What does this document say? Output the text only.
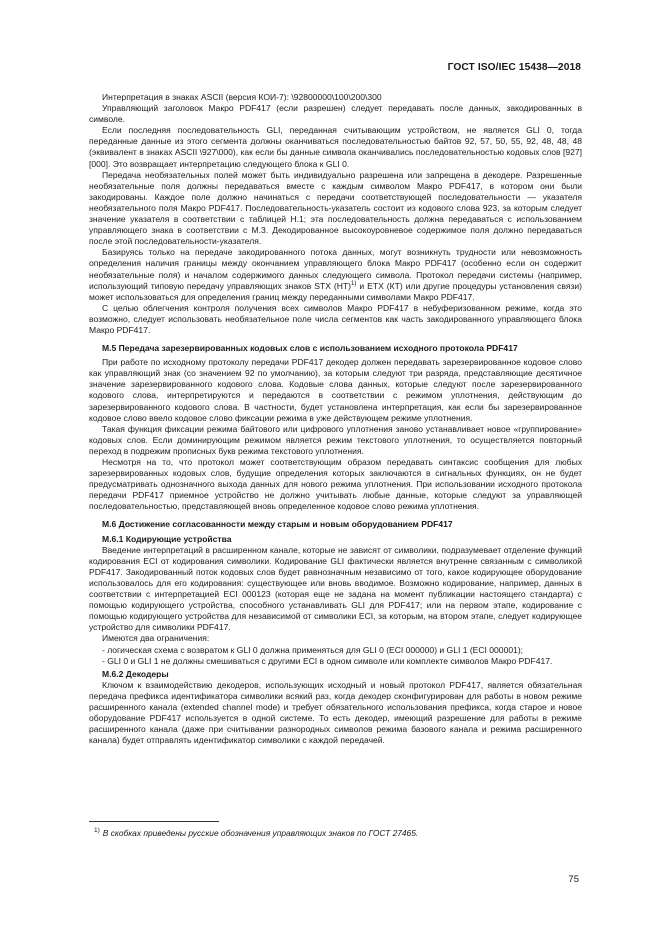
ГОСТ ISO/IEC 15438—2018

Интерпретация в знаках ASCII (версия КОИ-7): \92800000\100\200\300

Управляющий заголовок Макро PDF417 (если разрешен) следует передавать после данных, закодированных в символе.

Если последняя последовательность GLI, переданная считывающим устройством, не является GLI 0, тогда переданные данные из этого сегмента должны оканчиваться последовательностью байтов 92, 57, 50, 55, 92, 48, 48, 48 (эквивалент в знаках ASCII \927\000), как если бы данные символа оканчивались последовательностью кодовых слов [927][000]. Это возвращает интерпретацию следующего блока к GLI 0.

Передача необязательных полей может быть индивидуально разрешена или запрещена в декодере. Разрешенные необязательные поля должны передаваться вместе с каждым символом Макро PDF417, в котором они были закодированы. Каждое поле должно начинаться с передачи соответствующей последовательности — указателя необязательного поля Макро PDF417. Последовательность-указатель состоит из кодового слова 923, за которым следует значение указателя в соответствии с таблицей H.1; эта последовательность должна передаваться с использованием управляющего знака в соответствии с M.3. Декодированное высокоуровневое содержимое поля должно передаваться после этой последовательности-указателя.

Базируясь только на передаче закодированного потока данных, могут возникнуть трудности или невозможность определения наличия границы между окончанием управляющего блока Макро PDF417 (особенно если он содержит необязательные поля) и началом содержимого данных следующего символа. Протокол передачи системы (например, использующий типовую передачу управляющих знаков STX (НТ)$^{1)}$ и ETX (КТ) или другие процедуры установления связи) может использоваться для определения границ между переданными символами Макро PDF417.

С целью облегчения контроля получения всех символов Макро PDF417 в небуферизованном режиме, когда это возможно, следует использовать необязательное поле числа сегментов как часть закодированного управляющего блока Макро PDF417.

М.5 Передача зарезервированных кодовых слов с использованием исходного протокола PDF417

При работе по исходному протоколу передачи PDF417 декодер должен передавать зарезервированное кодовое слово как управляющий знак (со значением 92 по умолчанию), за которым следуют три разряда, представляющие десятичное значение зарезервированного кодового слова. Кодовые слова данных, которые следуют после зарезервированного кодового слова, интерпретируются и передаются в соответствии с режимом уплотнения, действующим до зарезервированного кодового слова. В частности, будет установлена интерпретация, как если бы зарезервированное кодовое слово ввело кодовое слово фиксации режима в уже действующем режиме уплотнения.

Такая функция фиксации режима байтового или цифрового уплотнения заново устанавливает новое «группирование» кодовых слов. Если доминирующим режимом является режим текстового уплотнения, то осуществляется повторный переход в подрежим прописных букв режима текстового уплотнения.

Несмотря на то, что протокол может соответствующим образом передавать синтаксис сообщения для любых зарезервированных кодовых слов, будущие определения которых заключаются в сигнальных функциях, он не будет предусматривать однозначного выхода данных для нового режима уплотнения. При использовании исходного протокола передачи PDF417 приемное устройство не должно учитывать любые данные, которые следуют за управляющей последовательностью, представляющей вновь определенное кодовое слово режима уплотнения.

М.6 Достижение согласованности между старым и новым оборудованием PDF417

М.6.1 Кодирующие устройства

Введение интерпретаций в расширенном канале, которые не зависят от символики, подразумевает отделение функций кодирования ECI от кодирования символики. Кодирование GLI фактически является внутренне связанным с символикой PDF417. Закодированный поток кодовых слов будет равнозначным независимо от того, какое кодирующее оборудование использовалось для его кодирования: существующее или вновь вводимое. Возможно кодирование, например, данных в соответствии с интерпретацией ECI 000123 (которая еще не задана на момент публикации настоящего стандарта) с помощью кодирующего устройства, способного устанавливать GLI для PDF417; или на первом этапе, кодирование с помощью кодирующего устройства для независимой от символики ECI, за которым, на втором этапе, следует кодирующее устройство для символики PDF417.

Имеются два ограничения:

- логическая схема с возвратом к GLI 0 должна применяться для GLI 0 (ECI 000000) и GLI 1 (ECI 000001);

- GLI 0 и GLI 1 не должны смешиваться с другими ECI в одном символе или комплекте символов Макро PDF417.

М.6.2 Декодеры

Ключом к взаимодействию декодеров, использующих исходный и новый протокол PDF417, является обязательная передача префикса идентификатора символики всякий раз, когда декодер сконфигурирован для работы в новом режиме расширенного канала (extended channel mode) и требует обязательного использования префикса, когда старое и новое оборудование PDF417 используется в одной системе. То есть декодер, имеющий разрешение для работы в режиме расширенного канала (даже при считывании разнородных символов режима базового канала и режима расширенного канала) будет отправлять идентификатор символики с каждой передачей.

$^{1)}$ В скобках приведены русские обозначения управляющих знаков по ГОСТ 27465.
75
